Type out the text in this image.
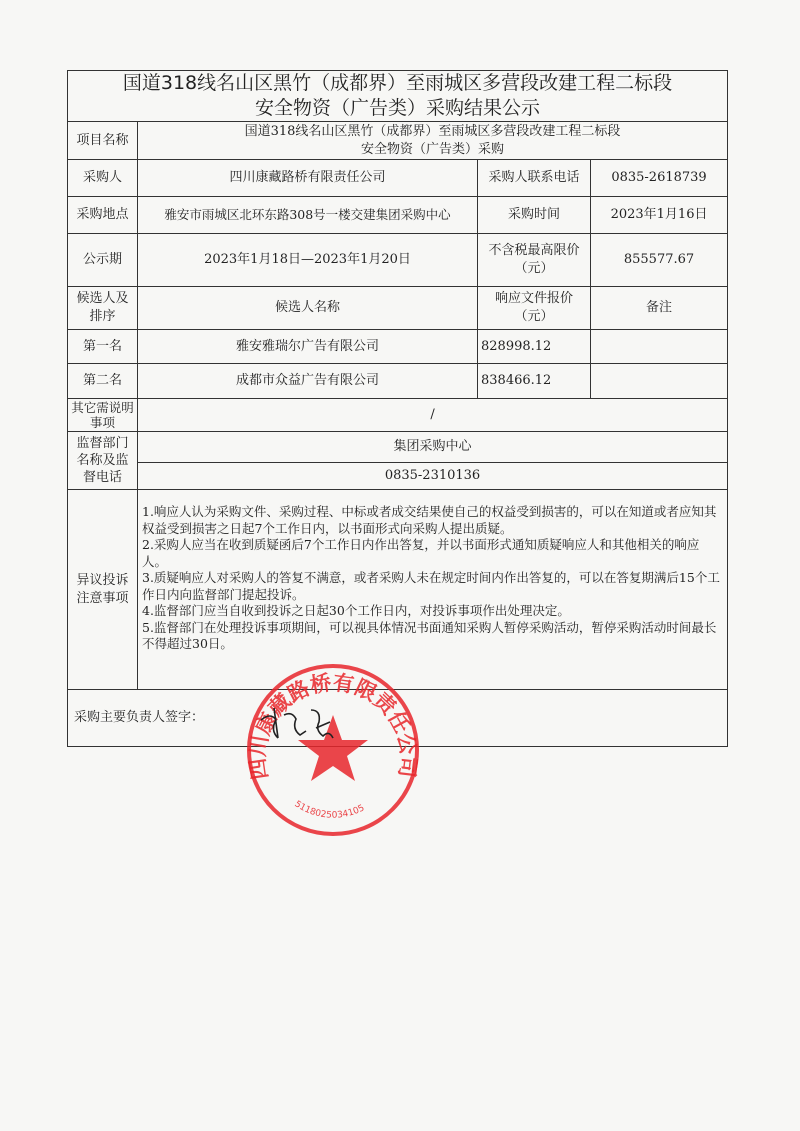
国道318线名山区黑竹（成都界）至雨城区多营段改建工程二标段
安全物资（广告类）采购结果公示			

项目名称	国道318线名山区黑竹（成都界）至雨城区多营段改建工程二标段
安全物资（广告类）采购		

采购人	四川康藏路桥有限责任公司	采购人联系电话	0835-2618739
采购地点	雅安市雨城区北环东路308号一楼交建集团采购中心	采购时间	2023年1月16日
公示期	2023年1月18日—2023年1月20日	不含税最高限价（元）	855577.67
候选人及排序	候选人名称	响应文件报价（元）	备注
第一名	雅安雅瑞尔广告有限公司	828998.12	
第二名	成都市众益广告有限公司	838466.12	
其它需说明事项	/		
监督部门名称及监督电话	集团采购中心		
	0835-2310136		
异议投诉注意事项	1.响应人认为采购文件、采购过程、中标或者成交结果使自己的权益受到损害的，可以在知道或者应知其权益受到损害之日起7个工作日内，以书面形式向采购人提出质疑。
2.采购人应当在收到质疑函后7个工作日内作出答复，并以书面形式通知质疑响应人和其他相关的响应人。
3.质疑响应人对采购人的答复不满意，或者采购人未在规定时间内作出答复的，可以在答复期满后15个工作日内向监督部门提起投诉。
4.监督部门应当自收到投诉之日起30个工作日内，对投诉事项作出处理决定。
5.监督部门在处理投诉事项期间，可以视具体情况书面通知采购人暂停采购活动，暂停采购活动时间最长不得超过30日。		

采购主要负责人签字：			
四川康藏路桥有限责任公司
5118025034105
